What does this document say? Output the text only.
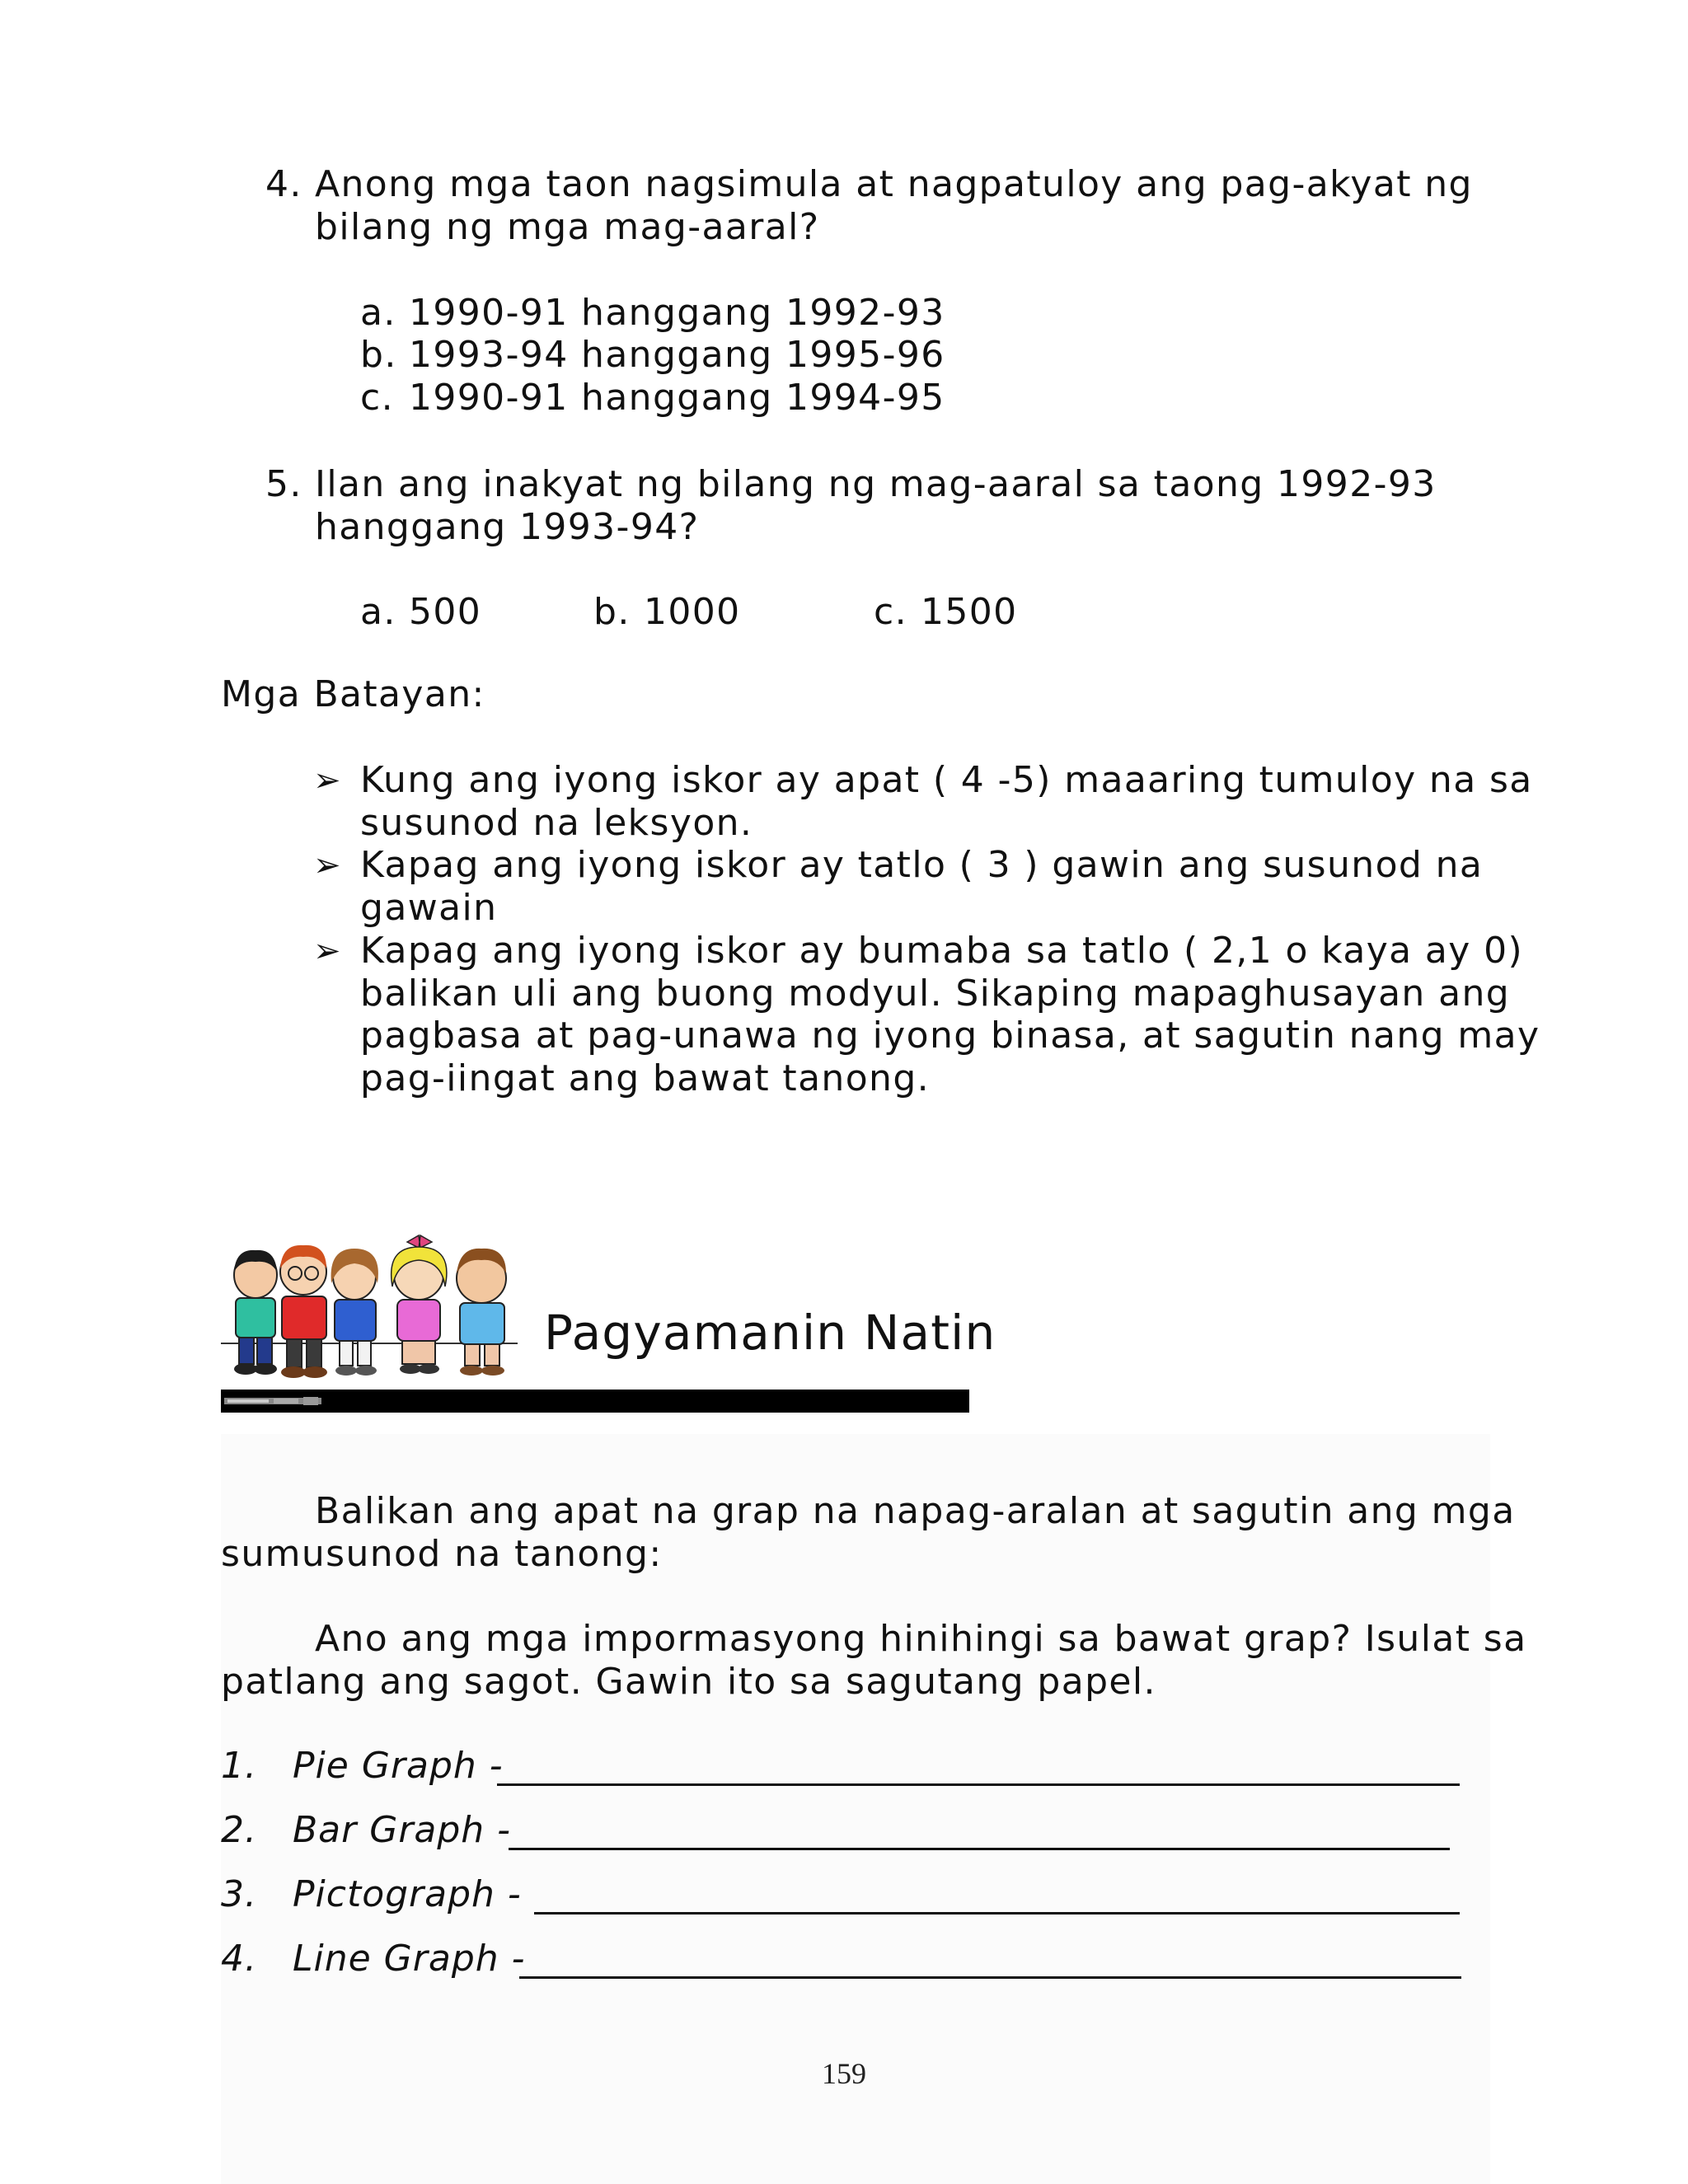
4. Anong mga taon nagsimula at nagpatuloy ang pag-akyat ng
bilang ng mga mag-aaral?
a. 1990-91 hanggang 1992-93
b. 1993-94 hanggang 1995-96
c. 1990-91 hanggang 1994-95
5. Ilan ang inakyat ng bilang ng mag-aaral sa taong 1992-93
hanggang 1993-94?
a. 500	b. 1000	c. 1500
Mga Batayan:
➢ Kung ang iyong iskor ay apat ( 4 -5) maaaring tumuloy na sa
susunod na leksyon.
➢ Kapag ang iyong iskor ay tatlo ( 3 ) gawin ang susunod na
gawain
➢ Kapag ang iyong iskor ay bumaba sa tatlo ( 2,1 o kaya ay 0)
balikan uli ang buong modyul. Sikaping mapaghusayan ang
pagbasa at pag-unawa ng iyong binasa, at sagutin nang may
pag-iingat ang bawat tanong.
Pagyamanin Natin
Balikan ang apat na grap na napag-aralan at sagutin ang mga
sumusunod na tanong:
Ano ang mga impormasyong hinihingi sa bawat grap? Isulat sa
patlang ang sagot. Gawin ito sa sagutang papel.
1. Pie Graph -
2. Bar Graph -
3. Pictograph -
4. Line Graph -
159
